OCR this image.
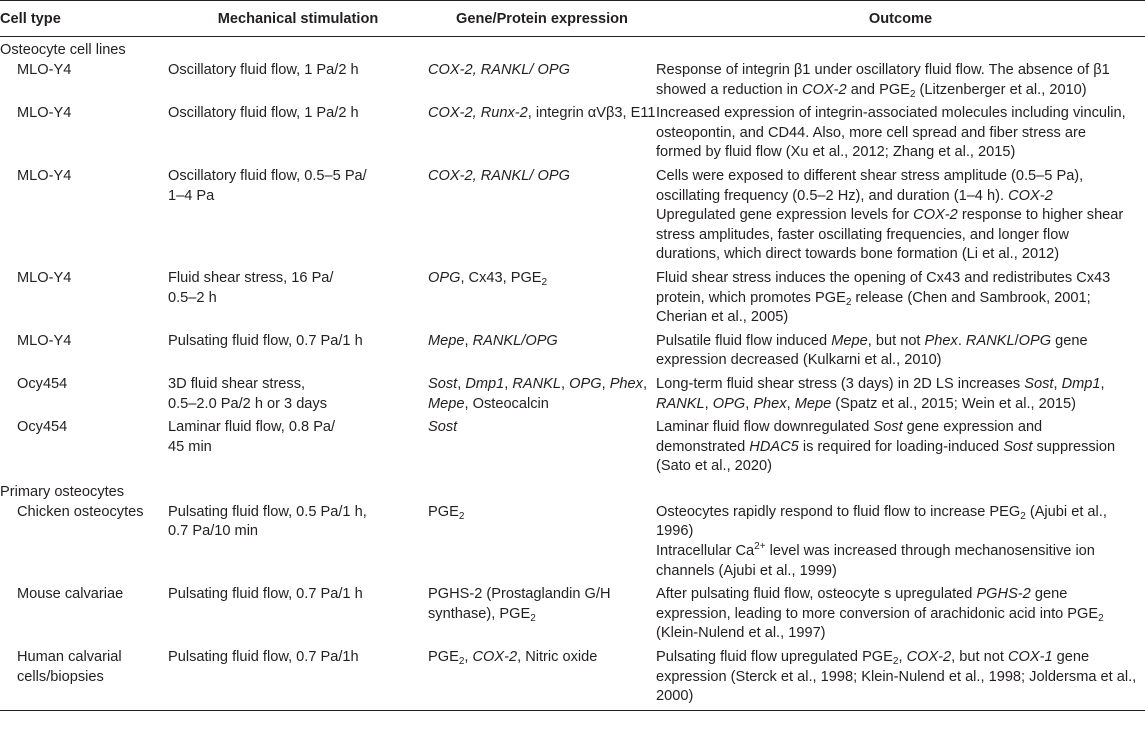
Cell type	Mechanical stimulation	Gene/Protein expression	Outcome
Osteocyte cell lines			
MLO-Y4	Oscillatory fluid flow, 1 Pa/2 h	COX-2, RANKL/ OPG	Response of integrin β1 under oscillatory fluid flow. The absence of β1
showed a reduction in COX-2 and $PGE_2$ (Litzenberger et al., 2010)

MLO-Y4	Oscillatory fluid flow, 1 Pa/2 h	COX-2, Runx-2, integrin αVβ3, E11	Increased expression of integrin-associated molecules including vinculin,
osteopontin, and CD44. Also, more cell spread and fiber stress are
formed by fluid flow (Xu et al., 2012; Zhang et al., 2015)

MLO-Y4	Oscillatory fluid flow, 0.5–5 Pa/
1–4 Pa	COX-2, RANKL/ OPG	Cells were exposed to different shear stress amplitude (0.5–5 Pa),
oscillating frequency (0.5–2 Hz), and duration (1–4 h). COX-2
Upregulated gene expression levels for COX-2 response to higher shear
stress amplitudes, faster oscillating frequencies, and longer flow
durations, which direct towards bone formation (Li et al., 2012)

MLO-Y4	Fluid shear stress, 16 Pa/
0.5–2 h	OPG, Cx43, $PGE_2$	Fluid shear stress induces the opening of Cx43 and redistributes Cx43
protein, which promotes $PGE_2$ release (Chen and Sambrook, 2001;
Cherian et al., 2005)

MLO-Y4	Pulsating fluid flow, 0.7 Pa/1 h	Mepe, RANKL/OPG	Pulsatile fluid flow induced Mepe, but not Phex. RANKL/OPG gene
expression decreased (Kulkarni et al., 2010)

Ocy454	3D fluid shear stress,
0.5–2.0 Pa/2 h or 3 days	Sost, Dmp1, RANKL, OPG, Phex,
Mepe, Osteocalcin	Long-term fluid shear stress (3 days) in 2D LS increases Sost, Dmp1,
RANKL, OPG, Phex, Mepe (Spatz et al., 2015; Wein et al., 2015)

Ocy454	Laminar fluid flow, 0.8 Pa/
45 min	Sost	Laminar fluid flow downregulated Sost gene expression and
demonstrated HDAC5 is required for loading-induced Sost suppression
(Sato et al., 2020)

Primary osteocytes			
Chicken osteocytes	Pulsating fluid flow, 0.5 Pa/1 h,
0.7 Pa/10 min	$PGE_2$	Osteocytes rapidly respond to fluid flow to increase $PEG_2$ (Ajubi et al.,
1996)
Intracellular $Ca^{2+}$ level was increased through mechanosensitive ion
channels (Ajubi et al., 1999)

Mouse calvariae	Pulsating fluid flow, 0.7 Pa/1 h	PGHS-2 (Prostaglandin G/H
synthase), $PGE_2$	After pulsating fluid flow, osteocyte s upregulated PGHS-2 gene
expression, leading to more conversion of arachidonic acid into $PGE_2$
(Klein-Nulend et al., 1997)

Human calvarial
cells/biopsies	Pulsating fluid flow, 0.7 Pa/1h	$PGE_2$, COX-2, Nitric oxide	Pulsating fluid flow upregulated $PGE_2$, COX-2, but not COX-1 gene
expression (Sterck et al., 1998; Klein-Nulend et al., 1998; Joldersma et al.,
2000)
